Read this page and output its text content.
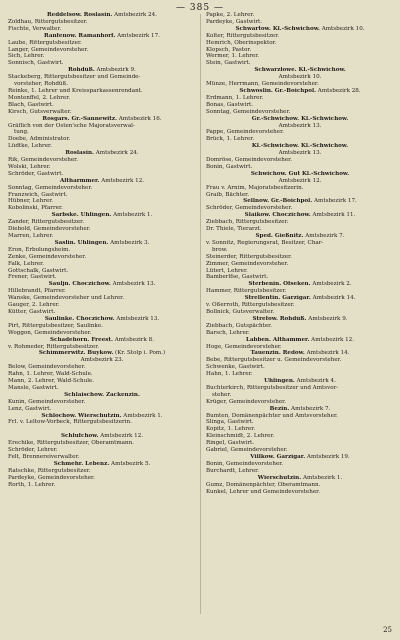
— 385 —
Reddelsow. Roslasin. Amtsbezirk 24.
Zoldhau, Rittergutsbesitzer.
Fischte, Verwalter.
Ranfenow. Ramanhorf. Amtsbezirk 17.
Laube, Rittergutsbesitzer.
Langer, Gemeindevorsteher.
Sich, Lehrer.
Sonnisch, Gastwirt.
Rohdüß. Amtsbezirk 9.
Stackeberg, Rittergutsbesitzer und Gemeinde-
vorsteher, Rohdüß.
Reinke, 1. Lehrer und Kreissparkassenrendant.
Montenffel, 2. Lehrer.
Blach, Gastwirt.
Kirsch, Gutsverwalter.
Rosgars. Gr.-Sannewitz. Amtsbezirk 16.
Gräflich von der Osten'sche Majoratsverwal-
tung.
Doebe, Administrator.
Lüdtke, Lehrer.
Roslasin. Amtsbezirk 24.
Rik, Gemeindevorsteher.
Wolski, Lehrer.
Schröder, Gastwirt.
Altharmmer. Amtsbezirk 12.
Sonntag, Gemeindevorsteher.
Franzwich, Gastwirt.
Hübner, Lehrer.
Kobolinski, Pfarrer.
Sarbske. Uhlingen. Amtsbezirk 1.
Zander, Rittergutsbesitzer.
Diebold, Gemeindevorsteher.
Marren, Lehrer.
Saslin. Uhlingen. Amtsbezirk 3.
Eron, Erbolungsheim.
Zenke, Gemeindevorsteher.
Falk, Lehrer.
Gottschalk, Gastwirt.
Frener, Gastwirt.
Sauljn. Choczichow. Amtsbezirk 13.
Hillebrandt, Pfarrer.
Wanske, Gemeindevorsteher und Lehrer.
Gauger, 2. Lehrer.
Kütter, Gastwirt.
Saulinke. Choczichow. Amtsbezirk 13.
Pirt, Rittergutsbesitzer, Saulinke.
Woggon, Gemeindevorsteher.
Schadehorn. Freest. Amtsbezirk 8.
v. Rohmeder, Rittergutsbesitzer.
Schimmerwitz. Buykow. (Kr. Stolp i. Pom.)
Amtsbezirk 23.
Below, Gemeindevorsteher.
Rahn, 1. Lehrer, Wald-Schule.
Mann, 2. Lehrer, Wald-Schule.
Mansle, Gastwirt.
Schlaischow. Zackenzin.
Kunin, Gemeindevorsteher.
Lenz, Gastwirt.
Schlochow. Wierschutzin. Amtsbezirk 1.
Frl. v. Leltow-Vorbeck, Rittergutsbesitzerin.

Schlufchow. Amtsbezirk 12.
Erechike, Rittergutsbesitzer, Oberamtmann.
Schröder, Lehrer.
Felt, Brennereiverwalter.
Schmehr. Lebenz. Amtsbezirk 5.
Ratschke, Rittergutsbesitzer.
Pardeyke, Gemeindevorsteher.
Rorth, 1. Lehrer.
Papke, 2. Lehrer.
Pardeyke, Gastwirt.
Schwartow. Kl.-Schwichow. Amtsbezirk 10.
Kolter, Rittergutsbesitzer.
Hemrich, Oberinspektor.
Klopsch, Pastor.
Wermer, 1. Lehrer.
Stein, Gastwirt.
Schwarzlowe. Kl.-Schwichow.
Amtsbezirk 10.
Münze, Herrmann, Gemeindevorsteher.
Schwoslin. Gr.-Boichpol. Amtsbezirk 28.
Erdmann, 1. Lehrer.
Bonas, Gastwirt.
Sonntag, Gemeindevorsteher.
Gr.-Schwichow. Kl.-Schwichow.
Amtsbezirk 13.
Pappe, Gemeindevorsteher.
Brück, 1. Lehrer.
Kl.-Schwichow. Kl.-Schwichow.
Amtsbezirk 13.
Domröse, Gemeindevorsteher.
Bonin, Gastwirt.
Schwichow. Gut Kl.-Schwichow.
Amtsbezirk 12.
Frau v. Arnim, Majoratsbesitzerin.
Graib, Bächter.
Sellnow. Gr.-Boichpol. Amtsbezirk 17.
Schröder, Gemeindevorsteher.
Slaikow. Choczichow. Amtsbezirk 11.
Ziebbach, Rittergutsbesitzer.
Dr. Thiele, Tierarzt.
Sped. Gießnitz. Amtsbezirk 7.
v. Sonnitz, Regierungsrat, Besitzer, Char-
brow.
Steinerder, Rittergutsbesitzer.
Zimmer, Gemeindevorsteher.
Lütert, Lehrer.
Bamberlfse, Gastwirt.
Sterbenin. Ofseken. Amtsbezirk 2.
Hammer, Rittergutsbesitzer.
Strellentin. Garzigar. Amtsbezirk 14.
v. Oßerroth, Rittergutsbesitzer.
Bollnick, Gutsverwalter.
Strefow. Rohdüß. Amtsbezirk 9.
Ziebbach, Gutspächter.
Barsch, Lehrer.
Labben. Althammer. Amtsbezirk 12.
Hoge, Gemeindevorsteher.
Tauenzin. Redow. Amtsbezirk 14.
Bebe, Rittergutsbesitzer u. Gemeindevorsteher.
Schwenke, Gastwirt.
Hahn, 1. Lehrer.
Uhlingen. Amtsbezirk 4.
Buchterkirch, Rittergutsbesitzer und Amtsvor-
steher.
Krüger, Gemeindevorsteher.
Bezin. Amtsbezirk 7.
Bumten, Domänenpächter und Amtsvorsteher.
Slinga, Gastwirt.
Kopitz, 1. Lehrer.
Kleinschmidt, 2. Lehrer.
Ringel, Gastwirt.
Gabriel, Gemeindevorsteher.
Villkow. Garzigar. Amtsbezirk 19.
Bonin, Gemeindevorsteher.
Burchardt, Lehrer.
Wierschutzin. Amtsbezirk 1.
Gumz, Domänenpächter, Oberamtmann.
Kunkel, Lehrer und Gemeindevorsteher.
25
